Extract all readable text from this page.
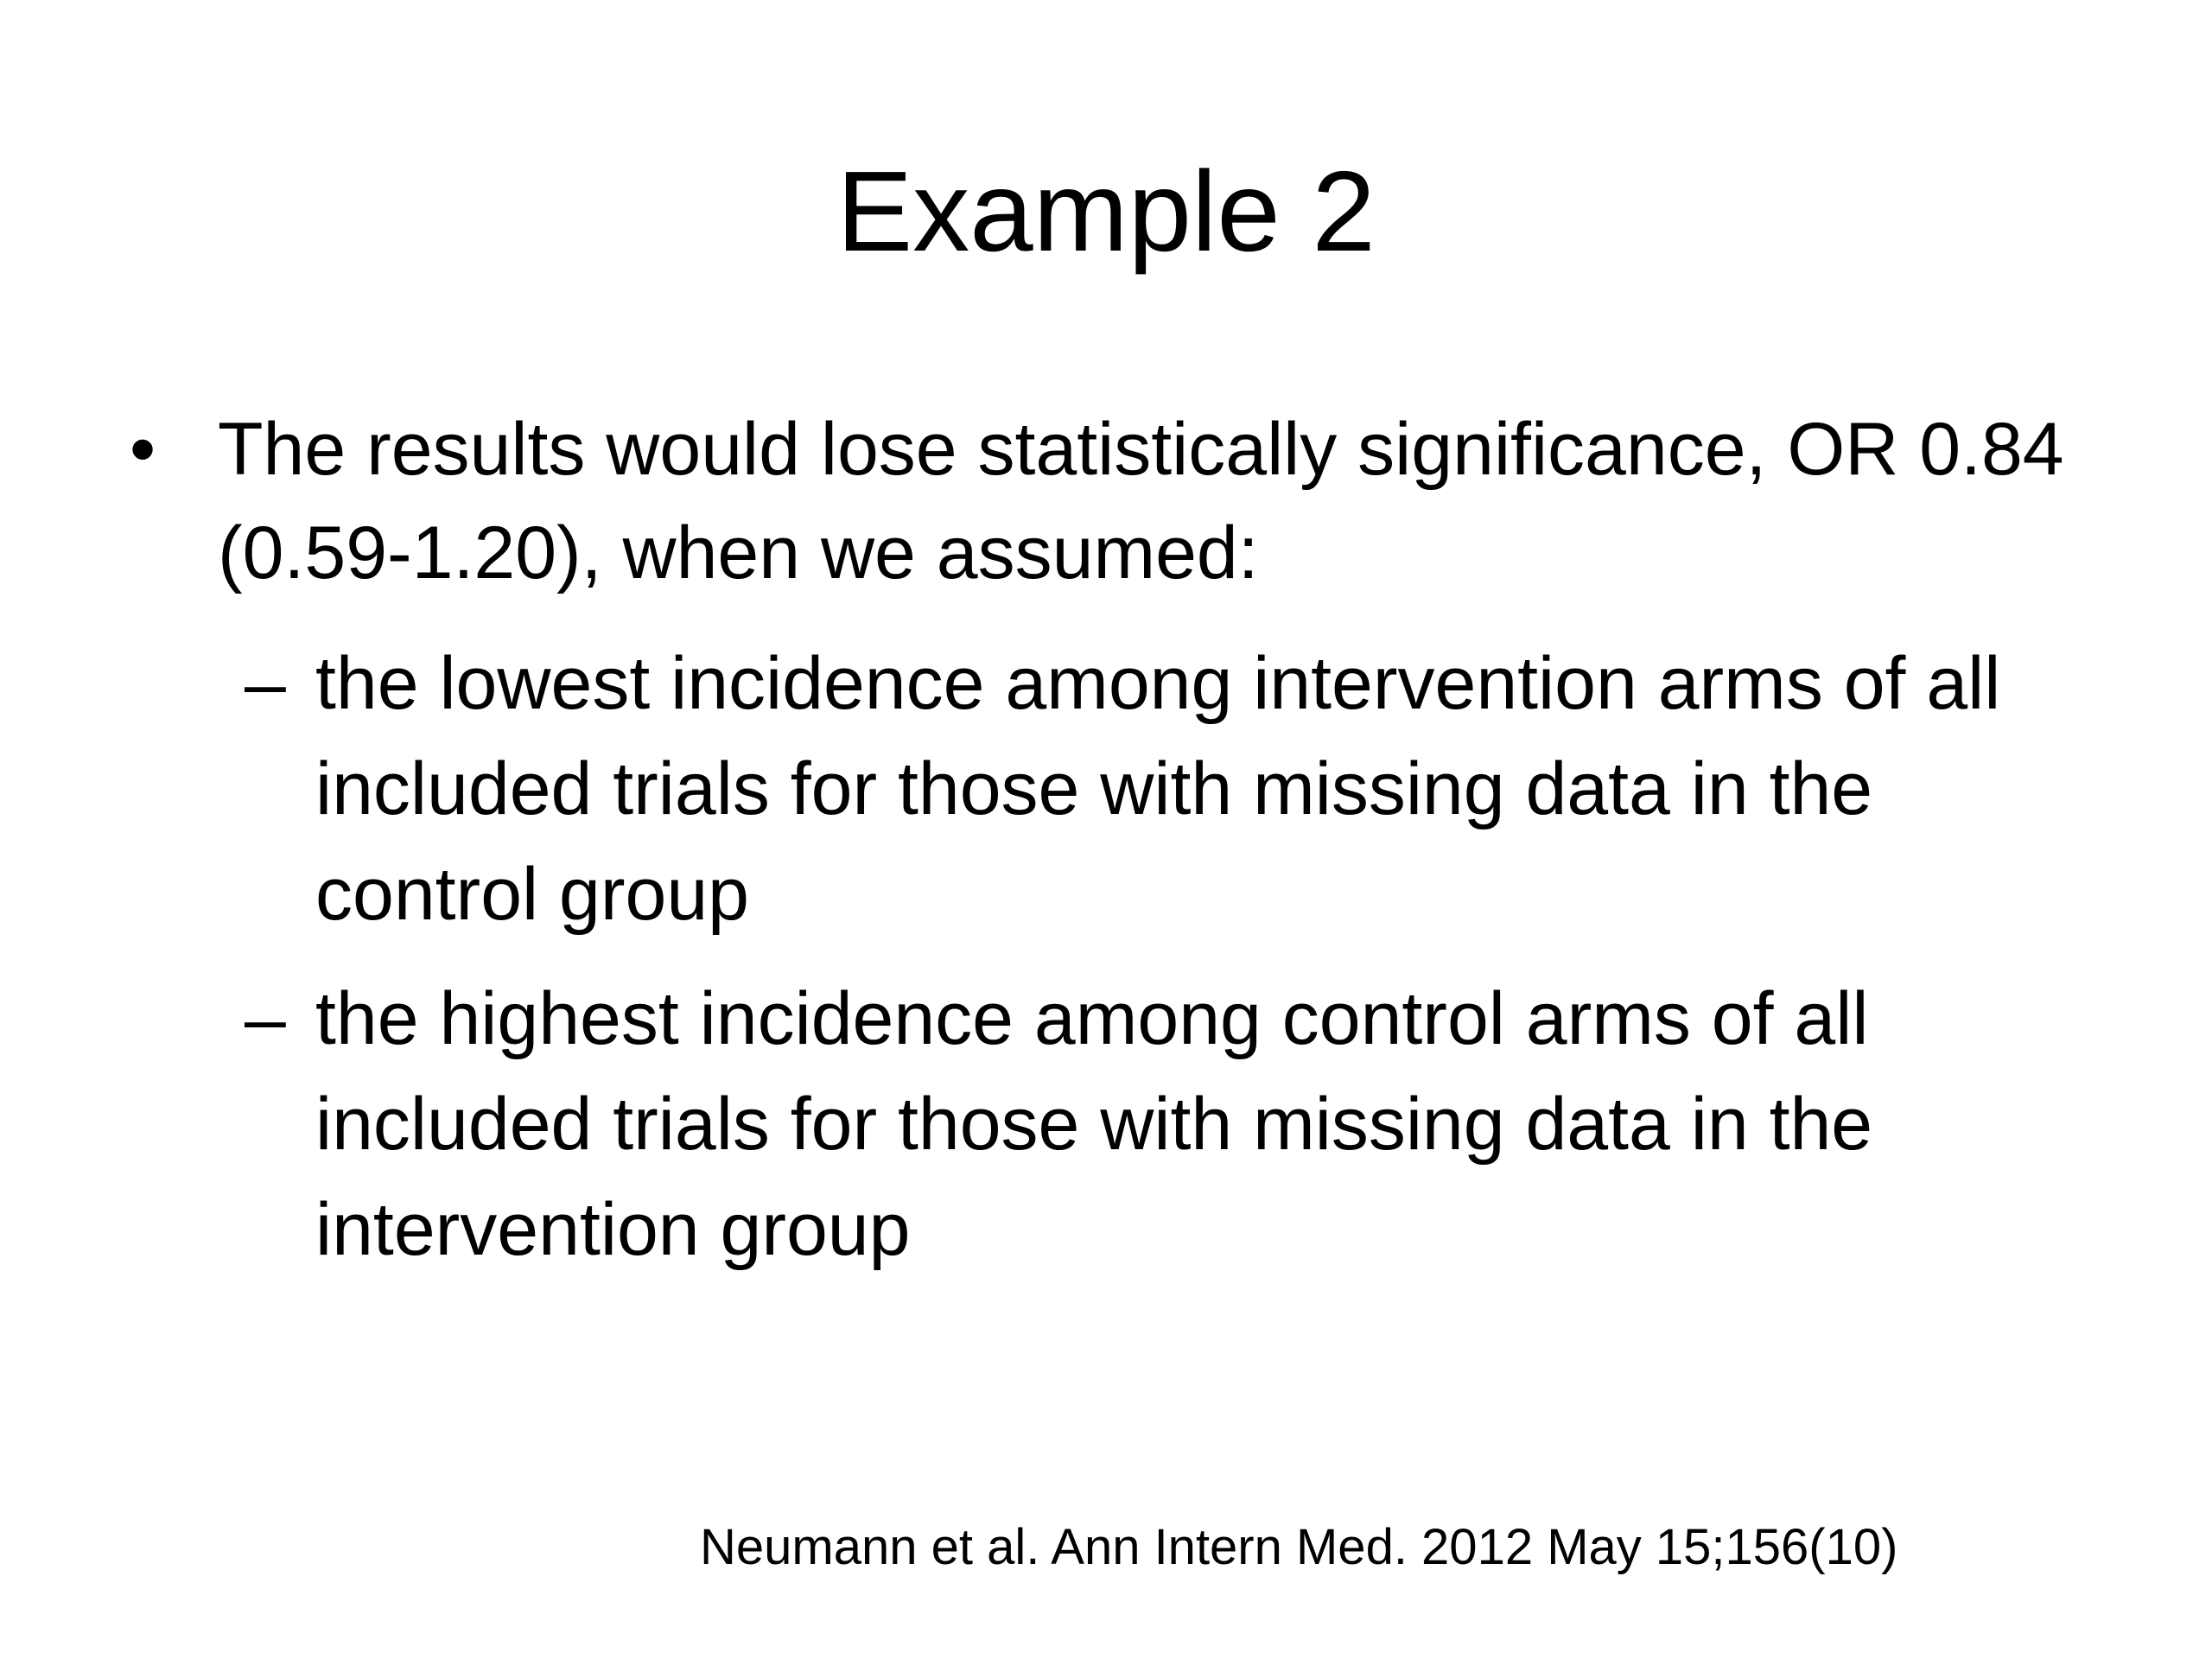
Example 2
• The results would lose statistically significance, OR 0.84 (0.59-1.20), when we assumed:
– the lowest incidence among intervention arms of all included trials for those with missing data in the control group
– the highest incidence among control arms of all included trials for those with missing data in the intervention group
Neumann et al. Ann Intern Med. 2012 May 15;156(10)
